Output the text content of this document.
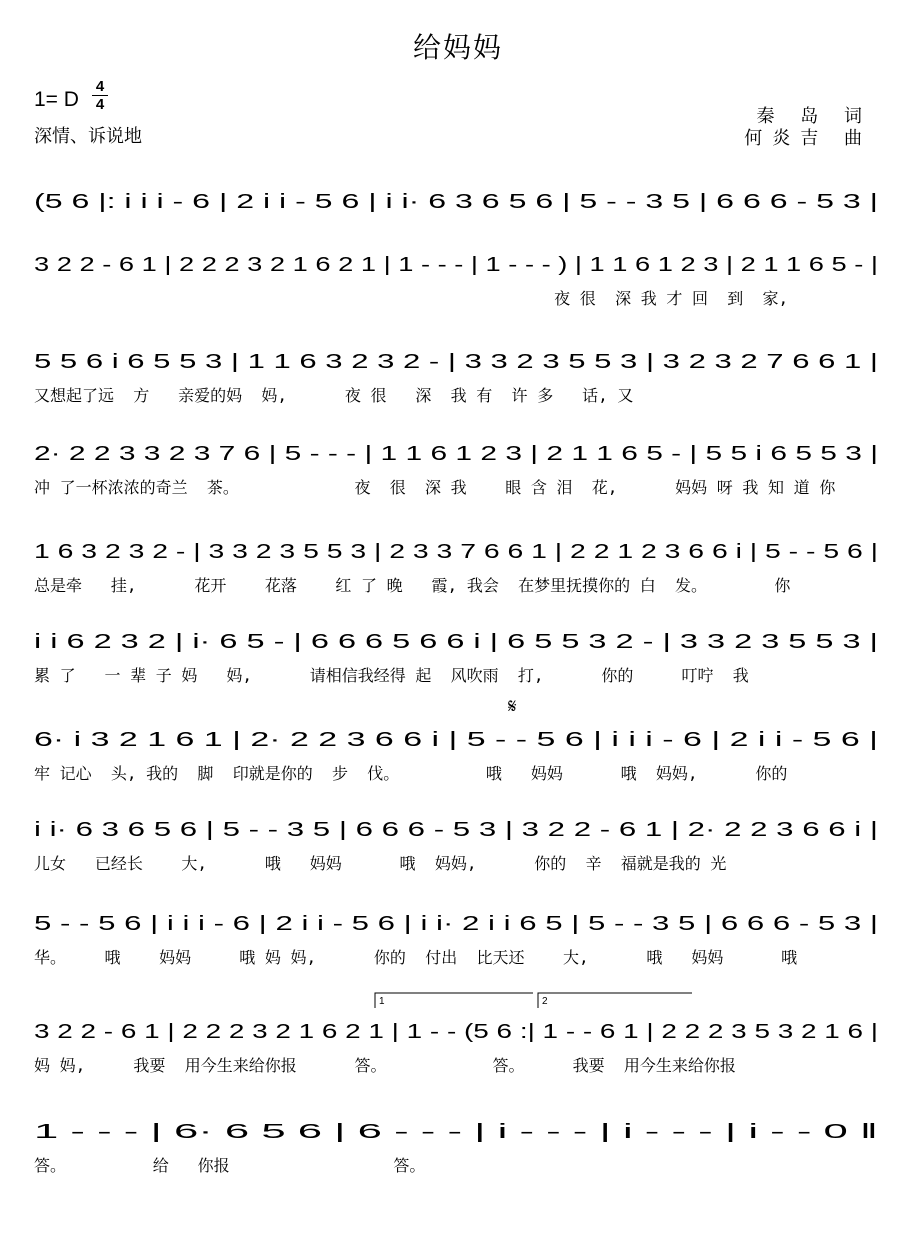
给妈妈
1= D
4
4
深情、诉说地
秦 岛 词
何炎吉 曲
(5 6 |: i i i - 6 | 2 i i - 5 6 | i i· 6 3 6 5 6 | 5 - - 3 5 | 6 6 6 - 5 3 |
3 2 2 - 6 1 | 2 2 2 3 2 1 6 2 1 | 1 - - - | 1 - - - ) | 1 1 6 1 2 3 | 2 1 1 6 5 - |
夜 很  深 我 才 回  到  家,
5 5 6 i 6 5 5 3 | 1 1 6 3 2 3 2 - | 3 3 2 3 5 5 3 | 3 2 3 2 7 6 6 1 |
又想起了远  方   亲爱的妈  妈,      夜 很   深  我 有  许 多   话, 又
2· 2 2 3 3 2 3 7 6 | 5 - - - | 1 1 6 1 2 3 | 2 1 1 6 5 - | 5 5 i 6 5 5 3 |
冲 了一杯浓浓的奇兰  茶。            夜  很  深 我    眼 含 泪  花,      妈妈 呀 我 知 道 你
1 6 3 2 3 2 - | 3 3 2 3 5 5 3 | 2 3 3 7 6 6 1 | 2 2 1 2 3 6 6 i | 5 - - 5 6 |
总是牵   挂,      花开    花落    红 了 晚   霞, 我会  在梦里抚摸你的 白  发。       你
i i 6 2 3 2 | i· 6 5 - | 6 6 6 5 6 6 i | 6 5 5 3 2 - | 3 3 2 3 5 5 3 |
累 了   一 辈 子 妈   妈,      请相信我经得 起  风吹雨  打,      你的     叮咛  我
6· i 3 2 1 6 1 | 2· 2 2 3 6 6 i | 5 - - 5 6 | i i i - 6 | 2 i i - 5 6 |
牢 记心  头, 我的  脚  印就是你的  步  伐。         哦   妈妈      哦  妈妈,      你的
i i· 6 3 6 5 6 | 5 - - 3 5 | 6 6 6 - 5 3 | 3 2 2 - 6 1 | 2· 2 2 3 6 6 i |
儿女   已经长    大,      哦   妈妈      哦  妈妈,      你的  辛  福就是我的 光
5 - - 5 6 | i i i - 6 | 2 i i - 5 6 | i i· 2 i i 6 5 | 5 - - 3 5 | 6 6 6 - 5 3 |
华。    哦    妈妈     哦 妈 妈,      你的  付出  比天还    大,      哦   妈妈      哦
3 2 2 - 6 1 | 2 2 2 3 2 1 6 2 1 | 1 - - (5 6 :| 1 - - 6 1 | 2 2 2 3 5 3 2 1 6 |
妈 妈,     我要  用今生来给你报      答。           答。     我要  用今生来给你报
1 - - - | 6· 6 5 6 | 6 - - - | i - - - | i - - - | i - - 0 ‖
答。         给   你报                 答。
1	2
𝄋
